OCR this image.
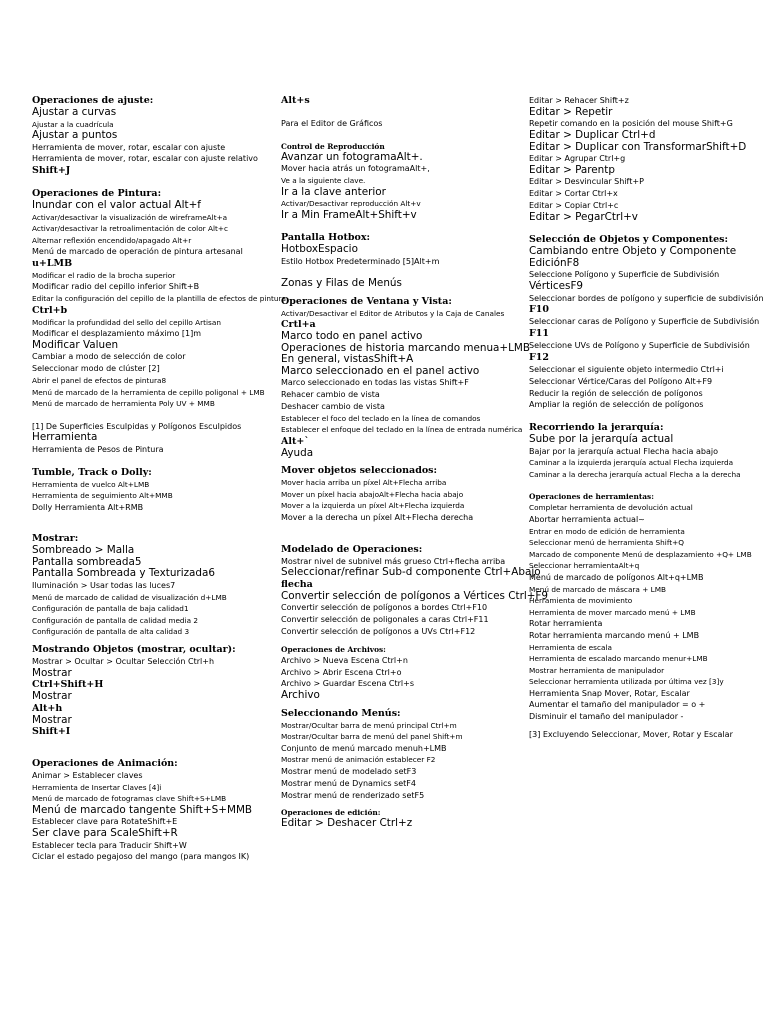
Operaciones de ajuste:
Ajustar a curvas
Ajustar a la cuadrícula
Ajustar a puntos
Herramienta de mover, rotar, escalar con ajuste
Herramienta de mover, rotar, escalar con ajuste relativo
Shift+J
Operaciones de Pintura:
Inundar con el valor actual Alt+f
Activar/desactivar la visualización de wireframeAlt+a
Activar/desactivar la retroalimentación de color Alt+c
Alternar reflexión encendido/apagado Alt+r
Menú de marcado de operación de pintura artesanal
u+LMB
Modificar el radio de la brocha superior
Modificar radio del cepillo inferior Shift+B
Editar la configuración del cepillo de la plantilla de efectos de pintura
Ctrl+b
Modificar la profundidad del sello del cepillo Artisan
Modificar el desplazamiento máximo [1]m
Modificar Valuen
Cambiar a modo de selección de color
Seleccionar modo de clúster [2]
Abrir el panel de efectos de pintura8
Menú de marcado de la herramienta de cepillo poligonal + LMB
Menú de marcado de herramienta Poly UV + MMB
[1] De Superficies Esculpidas y Polígonos Esculpidos
Herramienta
Herramienta de Pesos de Pintura
Tumble, Track o Dolly:
Herramienta de vuelco Alt+LMB
Herramienta de seguimiento Alt+MMB
Dolly Herramienta Alt+RMB
Mostrar:
Sombreado > Malla
Pantalla sombreada5
Pantalla Sombreada y Texturizada6
Iluminación > Usar todas las luces7
Menú de marcado de calidad de visualización d+LMB
Configuración de pantalla de baja calidad1
Configuración de pantalla de calidad media 2
Configuración de pantalla de alta calidad 3
Mostrando Objetos (mostrar, ocultar):
Mostrar > Ocultar > Ocultar Selección Ctrl+h
Mostrar
Ctrl+Shift+H
Mostrar
Alt+h
Mostrar
Shift+I
Operaciones de Animación:
Animar > Establecer claves
Herramienta de Insertar Claves [4]i
Menú de marcado de fotogramas clave Shift+S+LMB
Menú de marcado tangente Shift+S+MMB
Establecer clave para RotateShift+E
Ser clave para ScaleShift+R
Establecer tecla para Traducir Shift+W
Ciclar el estado pegajoso del mango (para mangos IK)
Alt+s
Para el Editor de Gráficos
Control de Reproducción
Avanzar un fotogramaAlt+.
Mover hacia atrás un fotogramaAlt+,
Ve a la siguiente clave.
Ir a la clave anterior
Activar/Desactivar reproducción Alt+v
Ir a Min FrameAlt+Shift+v
Pantalla Hotbox:
HotboxEspacio
Estilo Hotbox Predeterminado [5]Alt+m
Zonas y Filas de Menús
Operaciones de Ventana y Vista:
Activar/Desactivar el Editor de Atributos y la Caja de Canales
Crtl+a
Marco todo en panel activo
Operaciones de historia marcando menua+LMB
En general, vistasShift+A
Marco seleccionado en el panel activo
Marco seleccionado en todas las vistas Shift+F
Rehacer cambio de vista
Deshacer cambio de vista
Establecer el foco del teclado en la línea de comandos
Establecer el enfoque del teclado en la línea de entrada numérica
Alt+`
Ayuda
Mover objetos seleccionados:
Mover hacia arriba un píxel Alt+Flecha arriba
Mover un píxel hacia abajoAlt+Flecha hacia abajo
Mover a la izquierda un píxel Alt+Flecha izquierda
Mover a la derecha un píxel Alt+Flecha derecha
Modelado de Operaciones:
Mostrar nivel de subnivel más grueso Ctrl+flecha arriba
Seleccionar/refinar Sub-d componente Ctrl+Abajo
flecha
Convertir selección de polígonos a Vértices Ctrl+F9
Convertir selección de polígonos a bordes Ctrl+F10
Convertir selección de poligonales a caras Ctrl+F11
Convertir selección de polígonos a UVs Ctrl+F12
Operaciones de Archivos:
Archivo > Nueva Escena Ctrl+n
Archivo > Abrir Escena Ctrl+o
Archivo > Guardar Escena Ctrl+s
Archivo
Seleccionando Menús:
Mostrar/Ocultar barra de menú principal Ctrl+m
Mostrar/Ocultar barra de menú del panel Shift+m
Conjunto de menú marcado menuh+LMB
Mostrar menú de animación establecer F2
Mostrar menú de modelado setF3
Mostrar menú de Dynamics setF4
Mostrar menú de renderizado setF5
Operaciones de edición:
Editar > Deshacer Ctrl+z
Editar > Rehacer Shift+z
Editar > Repetir
Repetir comando en la posición del mouse Shift+G
Editar > Duplicar Ctrl+d
Editar > Duplicar con TransformarShift+D
Editar > Agrupar Ctrl+g
Editar > Parentp
Editar > Desvincular Shift+P
Editar > Cortar Ctrl+x
Editar > Copiar Ctrl+c
Editar > PegarCtrl+v
Selección de Objetos y Componentes:
Cambiando entre Objeto y Componente
EdiciónF8
Seleccione Polígono y Superficie de Subdivisión
VérticesF9
Seleccionar bordes de polígono y superficie de subdivisión
F10
Seleccionar caras de Polígono y Superficie de Subdivisión
F11
Seleccione UVs de Polígono y Superficie de Subdivisión
F12
Seleccionar el siguiente objeto intermedio Ctrl+i
Seleccionar Vértice/Caras del Polígono Alt+F9
Reducir la región de selección de polígonos
Ampliar la región de selección de polígonos
Recorriendo la jerarquía:
Sube por la jerarquía actual
Bajar por la jerarquía actual Flecha hacia abajo
Caminar a la izquierda jerarquía actual Flecha izquierda
Caminar a la derecha jerarquía actual Flecha a la derecha
Operaciones de herramientas:
Completar herramienta de devolución actual
Abortar herramienta actual~
Entrar en modo de edición de herramienta
Seleccionar menú de herramienta Shift+Q
Marcado de componente Menú de desplazamiento +Q+ LMB
Seleccionar herramientaAlt+q
Menú de marcado de polígonos Alt+q+LMB
Menú de marcado de máscara + LMB
Herramienta de movimiento
Herramienta de mover marcado menú + LMB
Rotar herramienta
Rotar herramienta marcando menú + LMB
Herramienta de escala
Herramienta de escalado marcando menur+LMB
Mostrar herramienta de manipulador
Seleccionar herramienta utilizada por última vez [3]y
Herramienta Snap Mover, Rotar, Escalar
Aumentar el tamaño del manipulador = o +
Disminuir el tamaño del manipulador -
[3] Excluyendo Seleccionar, Mover, Rotar y Escalar
